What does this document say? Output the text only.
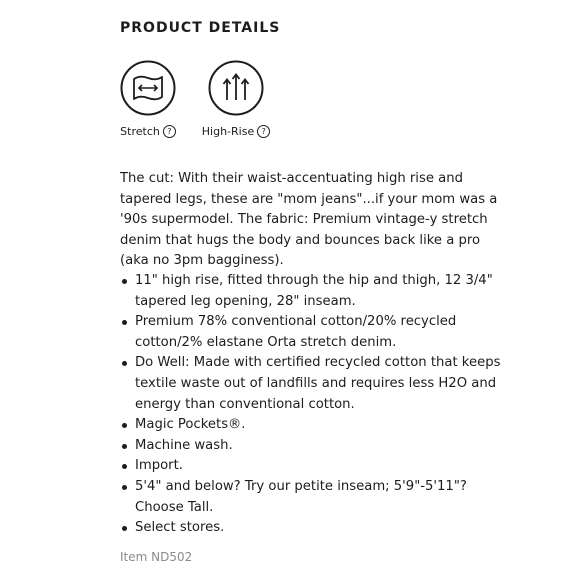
PRODUCT DETAILS
Stretch ?	High-Rise ?

The cut: With their waist-accentuating high rise and tapered legs, these are "mom jeans"...if your mom was a '90s supermodel. The fabric: Premium vintage-y stretch denim that hugs the body and bounces back like a pro (aka no 3pm bagginess).

11" high rise, fitted through the hip and thigh, 12 3/4" tapered leg opening, 28" inseam.
Premium 78% conventional cotton/20% recycled cotton/2% elastane Orta stretch denim.
Do Well: Made with certified recycled cotton that keeps textile waste out of landfills and requires less H2O and energy than conventional cotton.
Magic Pockets®.
Machine wash.
Import.
5'4" and below? Try our petite inseam; 5'9"-5'11"? Choose Tall.
Select stores.

Item ND502
